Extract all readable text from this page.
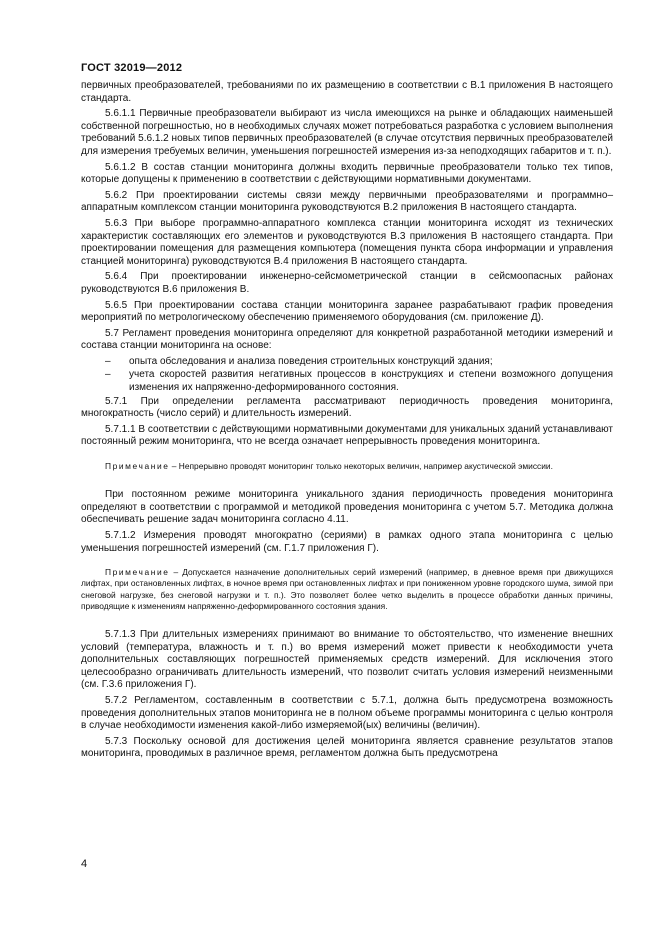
ГОСТ 32019—2012

первичных преобразователей, требованиями по их размещению в соответствии с В.1 приложения В настоящего стандарта.

5.6.1.1 Первичные преобразователи выбирают из числа имеющихся на рынке и обладающих наименьшей собственной погрешностью, но в необходимых случаях может потребоваться разработка с условием выполнения требований 5.6.1.2 новых типов первичных преобразователей (в случае отсутствия первичных преобразователей для измерения требуемых величин, уменьшения погрешностей измерения из-за неподходящих габаритов и т. п.).

5.6.1.2 В состав станции мониторинга должны входить первичные преобразователи только тех типов, которые допущены к применению в соответствии с действующими нормативными документами.

5.6.2 При проектировании системы связи между первичными преобразователями и программно–аппаратным комплексом станции мониторинга руководствуются В.2 приложения В настоящего стандарта.

5.6.3 При выборе программно-аппаратного комплекса станции мониторинга исходят из технических характеристик составляющих его элементов и руководствуются В.3 приложения В настоящего стандарта. При проектировании помещения для размещения компьютера (помещения пункта сбора информации и управления станцией мониторинга) руководствуются В.4 приложения В настоящего стандарта.

5.6.4 При проектировании инженерно-сейсмометрической станции в сейсмоопасных районах руководствуются В.6 приложения В.

5.6.5 При проектировании состава станции мониторинга заранее разрабатывают график проведения мероприятий по метрологическому обеспечению применяемого оборудования (см. приложение Д).

5.7 Регламент проведения мониторинга определяют для конкретной разработанной методики измерений и состава станции мониторинга на основе:

– опыта обследования и анализа поведения строительных конструкций здания;

– учета скоростей развития негативных процессов в конструкциях и степени возможного допущения изменения их напряженно-деформированного состояния.

5.7.1 При определении регламента рассматривают периодичность проведения мониторинга, многократность (число серий) и длительность измерений.

5.7.1.1 В соответствии с действующими нормативными документами для уникальных зданий устанавливают постоянный режим мониторинга, что не всегда означает непрерывность проведения мониторинга.

Примечание – Непрерывно проводят мониторинг только некоторых величин, например акустической эмиссии.

При постоянном режиме мониторинга уникального здания периодичность проведения мониторинга определяют в соответствии с программой и методикой проведения мониторинга с учетом 5.7. Методика должна обеспечивать решение задач мониторинга согласно 4.11.

5.7.1.2 Измерения проводят многократно (сериями) в рамках одного этапа мониторинга с целью уменьшения погрешностей измерений (см. Г.1.7 приложения Г).

Примечание – Допускается назначение дополнительных серий измерений (например, в дневное время при движущихся лифтах, при остановленных лифтах, в ночное время при остановленных лифтах и при пониженном уровне городского шума, зимой при снеговой нагрузке, без снеговой нагрузки и т. п.). Это позволяет более четко выделить в процессе обработки данных причины, приводящие к изменениям напряженно-деформированного состояния здания.

5.7.1.3 При длительных измерениях принимают во внимание то обстоятельство, что изменение внешних условий (температура, влажность и т. п.) во время измерений может привести к необходимости учета дополнительных составляющих погрешностей применяемых средств измерений. Для исключения этого целесообразно ограничивать длительность измерений, что позволит считать условия измерений неизменными (см. Г.3.6 приложения Г).

5.7.2 Регламентом, составленным в соответствии с 5.7.1, должна быть предусмотрена возможность проведения дополнительных этапов мониторинга не в полном объеме программы мониторинга с целью контроля в случае необходимости изменения какой-либо измеряемой(ых) величины (величин).

5.7.3 Поскольку основой для достижения целей мониторинга является сравнение результатов этапов мониторинга, проводимых в различное время, регламентом должна быть предусмотрена

4
